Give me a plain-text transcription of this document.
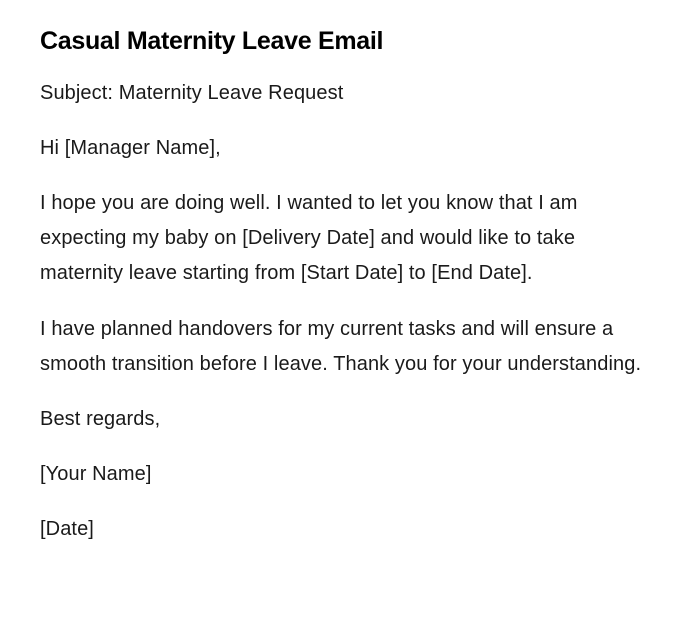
Casual Maternity Leave Email

Subject: Maternity Leave Request

Hi [Manager Name],

I hope you are doing well. I wanted to let you know that I am expecting my baby on [Delivery Date] and would like to take maternity leave starting from [Start Date] to [End Date].

I have planned handovers for my current tasks and will ensure a smooth transition before I leave. Thank you for your understanding.

Best regards,

[Your Name]

[Date]
